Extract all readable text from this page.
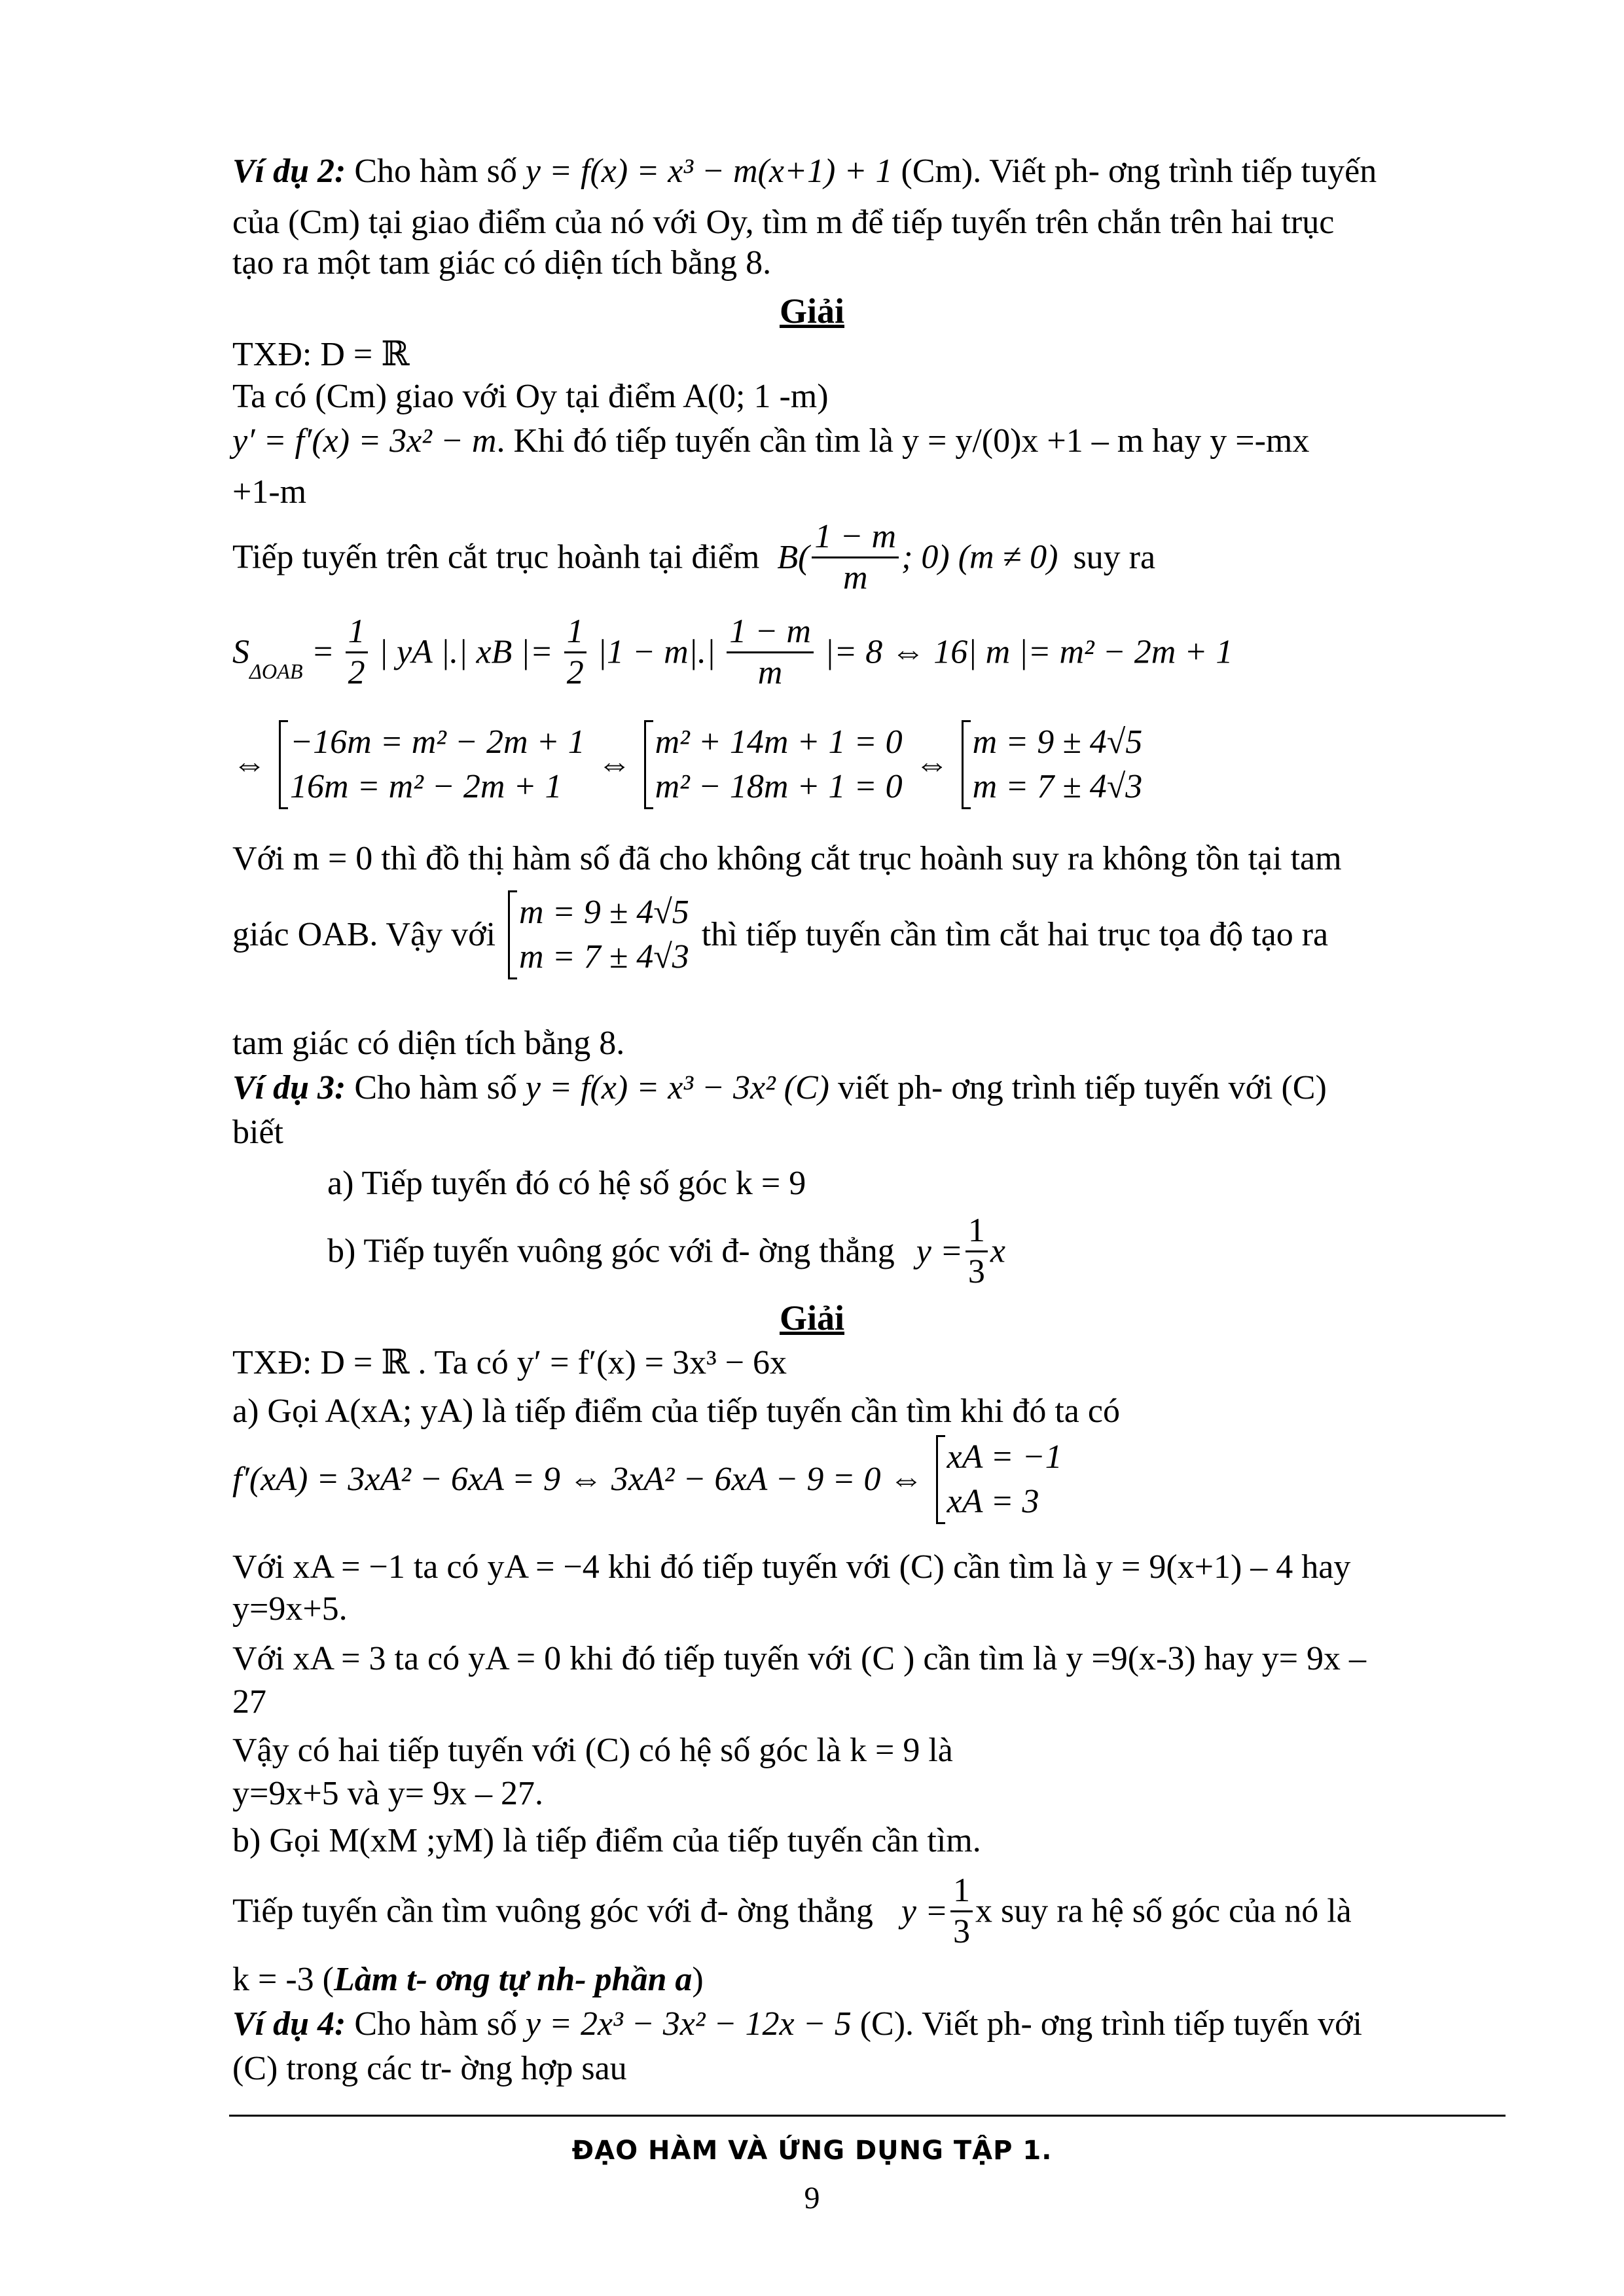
Ví dụ 2: Cho hàm số y = f(x) = x³ − m(x+1) + 1 (Cm). Viết ph- ơng trình tiếp tuyến
của (Cm) tại giao điểm của nó với Oy, tìm m để tiếp tuyến trên chắn trên hai trục
tạo ra một tam giác có diện tích bằng 8.
Giải
TXĐ: D = ℝ
Ta có (Cm) giao với Oy tại điểm A(0; 1 -m)
y′ = f′(x) = 3x² − m. Khi đó tiếp tuyến cần tìm là y = y/(0)x +1 – m hay y =-mx
+1-m
Tiếp tuyến trên cắt trục hoành tại điểm $B( \frac{1 - m}{m}$ ; 0) (m ≠ 0) suy ra
$S_{\Delta OAB} = \frac{1}{2}$ | yA |.| xB |= $\frac{1}{2} |1 - m|.| \frac{1 - m}{m}$ |= 8 ⇔ 16| m |= m² − 2m + 1
⇔
−16m = m² − 2m + 1
16m = m² − 2m + 1
⇔
m² + 14m + 1 = 0
m² − 18m + 1 = 0
⇔
m = 9 ± 4√5
m = 7 ± 4√3
Với m = 0 thì đồ thị hàm số đã cho không cắt trục hoành suy ra không tồn tại tam
giác OAB. Vậy với
m = 9 ± 4√5
m = 7 ± 4√3
thì tiếp tuyến cần tìm cắt hai trục tọa độ tạo ra
tam giác có diện tích bằng 8.
Ví dụ 3: Cho hàm số y = f(x) = x³ − 3x² (C) viết ph- ơng trình tiếp tuyến với (C)
biết
a) Tiếp tuyến đó có hệ số góc k = 9
b) Tiếp tuyến vuông góc với đ- ờng thẳng $y = \frac{1}{3}$ x
Giải
TXĐ: D = ℝ . Ta có y′ = f′(x) = 3x³ − 6x
a) Gọi A(xA; yA) là tiếp điểm của tiếp tuyến cần tìm khi đó ta có
f′(xA) = 3xA² − 6xA = 9 ⇔ 3xA² − 6xA − 9 = 0 ⇔
xA = −1
xA = 3
Với xA = −1 ta có yA = −4 khi đó tiếp tuyến với (C) cần tìm là y = 9(x+1) – 4 hay
y=9x+5.
Với xA = 3 ta có yA = 0 khi đó tiếp tuyến với (C ) cần tìm là y =9(x-3) hay y= 9x –
27
Vậy có hai tiếp tuyến với (C) có hệ số góc là k = 9 là
y=9x+5 và y= 9x – 27.
b) Gọi M(xM ;yM) là tiếp điểm của tiếp tuyến cần tìm.
Tiếp tuyến cần tìm vuông góc với đ- ờng thẳng $y = \frac{1}{3}$ x suy ra hệ số góc của nó là
k = -3 (Làm t- ơng tự nh- phần a)
Ví dụ 4: Cho hàm số y = 2x³ − 3x² − 12x − 5 (C). Viết ph- ơng trình tiếp tuyến với
(C) trong các tr- ờng hợp sau
ĐẠO HÀM VÀ ỨNG DỤNG TẬP 1.
9
